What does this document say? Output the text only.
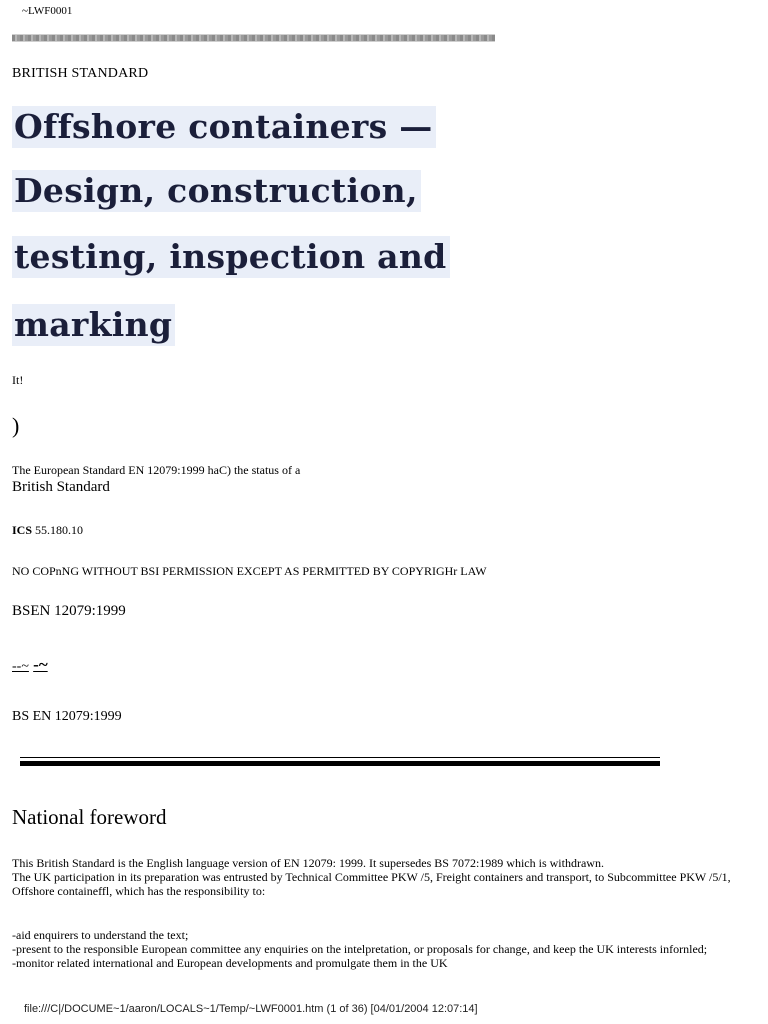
~LWF0001
BRITISH STANDARD
Offshore containers —
Design, construction,
testing, inspection and
marking
It!
)
The European Standard EN 12079:1999 haC) the status of a
British Standard
ICS 55.180.10
NO COPnNG WITHOUT BSI PERMISSION EXCEPT AS PERMITTED BY COPYRIGHr LAW
BSEN 12079:1999
--~ -~
BS EN 12079:1999
National foreword
This British Standard is the English language version of EN 12079: 1999. It supersedes BS 7072:1989 which is withdrawn.
The UK participation in its preparation was entrusted by Technical Committee PKW /5, Freight containers and transport, to Subcommittee PKW /5/1, Offshore containeffl, which has the responsibility to:
-aid enquirers to understand the text;
-present to the responsible European committee any enquiries on the intelpretation, or proposals for change, and keep the UK interests infornled;
-monitor related international and European developments and promulgate them in the UK
file:///C|/DOCUME~1/aaron/LOCALS~1/Temp/~LWF0001.htm (1 of 36) [04/01/2004 12:07:14]
